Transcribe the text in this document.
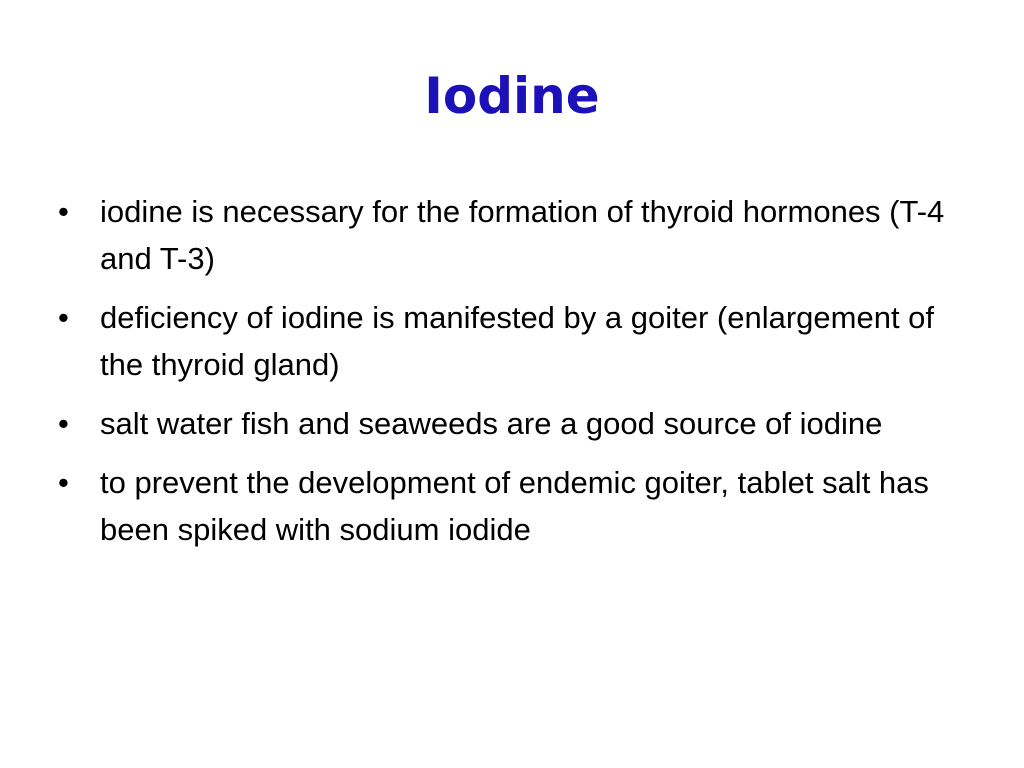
Iodine
•	iodine is necessary for the formation of thyroid hormones (T-4 and T-3)
•	deficiency of iodine is manifested by a goiter (enlargement of the thyroid gland)
•	salt water fish and seaweeds are a good source of iodine
•	to prevent the development of endemic goiter, tablet salt has been spiked with sodium iodide
